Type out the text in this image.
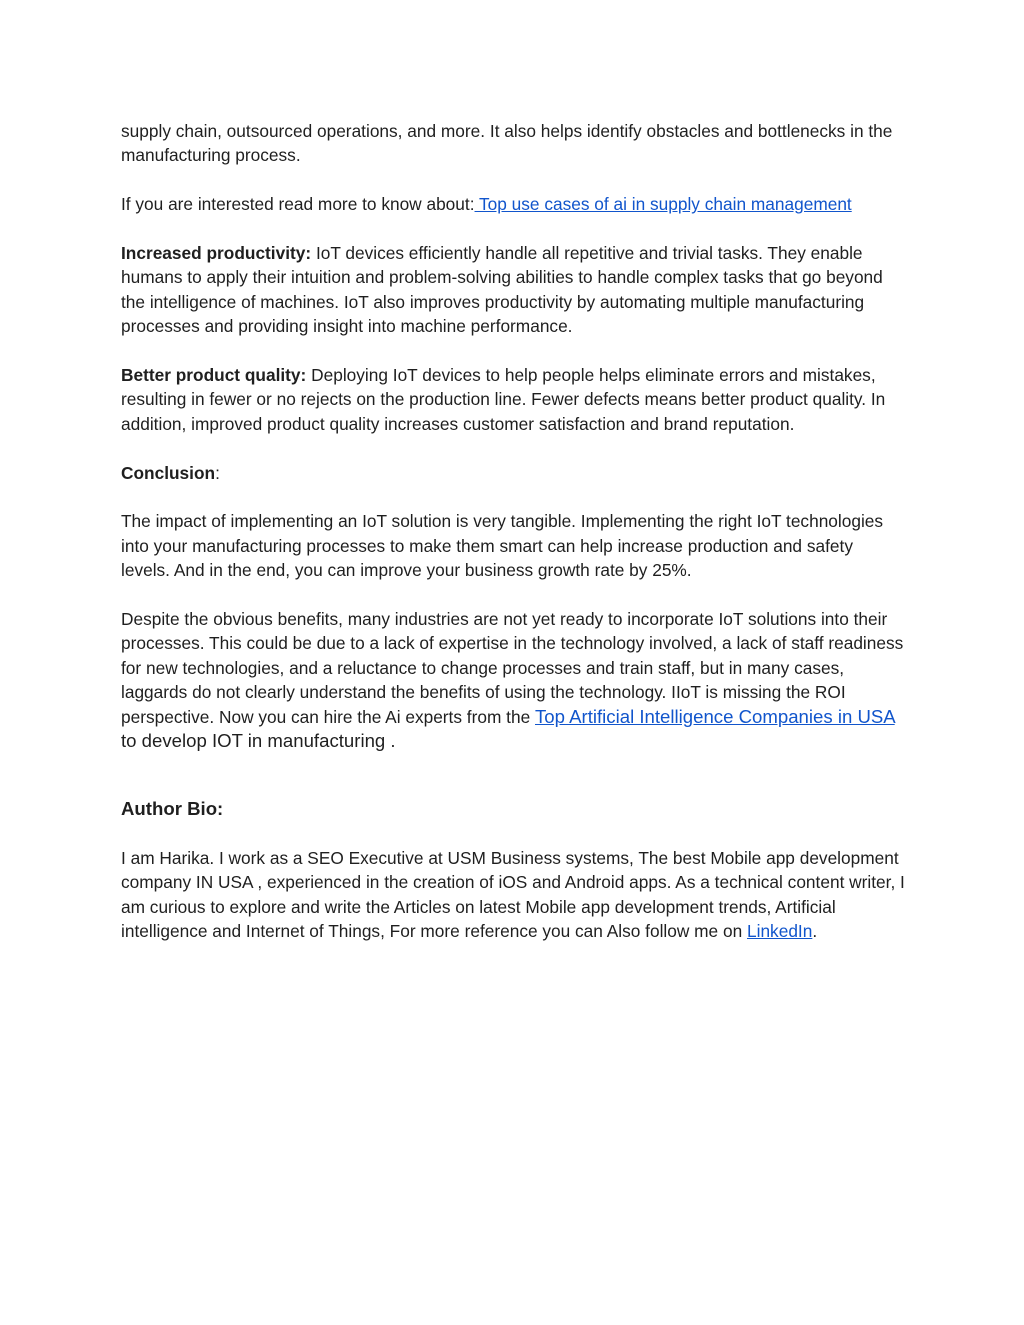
supply chain, outsourced operations, and more. It also helps identify obstacles and bottlenecks in the manufacturing process.

If you are interested read more to know about: Top use cases of ai in supply chain management

Increased productivity: IoT devices efficiently handle all repetitive and trivial tasks. They enable humans to apply their intuition and problem-solving abilities to handle complex tasks that go beyond the intelligence of machines. IoT also improves productivity by automating multiple manufacturing processes and providing insight into machine performance.

Better product quality: Deploying IoT devices to help people helps eliminate errors and mistakes, resulting in fewer or no rejects on the production line. Fewer defects means better product quality. In addition, improved product quality increases customer satisfaction and brand reputation.

Conclusion:

The impact of implementing an IoT solution is very tangible. Implementing the right IoT technologies into your manufacturing processes to make them smart can help increase production and safety levels. And in the end, you can improve your business growth rate by 25%.

Despite the obvious benefits, many industries are not yet ready to incorporate IoT solutions into their processes. This could be due to a lack of expertise in the technology involved, a lack of staff readiness for new technologies, and a reluctance to change processes and train staff, but in many cases, laggards do not clearly understand the benefits of using the technology. IIoT is missing the ROI perspective. Now you can hire the Ai experts from the Top Artificial Intelligence Companies in USA to develop IOT in manufacturing .

Author Bio:

I am Harika. I work as a SEO Executive at USM Business systems, The best Mobile app development company IN USA , experienced in the creation of iOS and Android apps. As a technical content writer, I am curious to explore and write the Articles on latest Mobile app development trends, Artificial intelligence and Internet of Things, For more reference you can Also follow me on LinkedIn.
